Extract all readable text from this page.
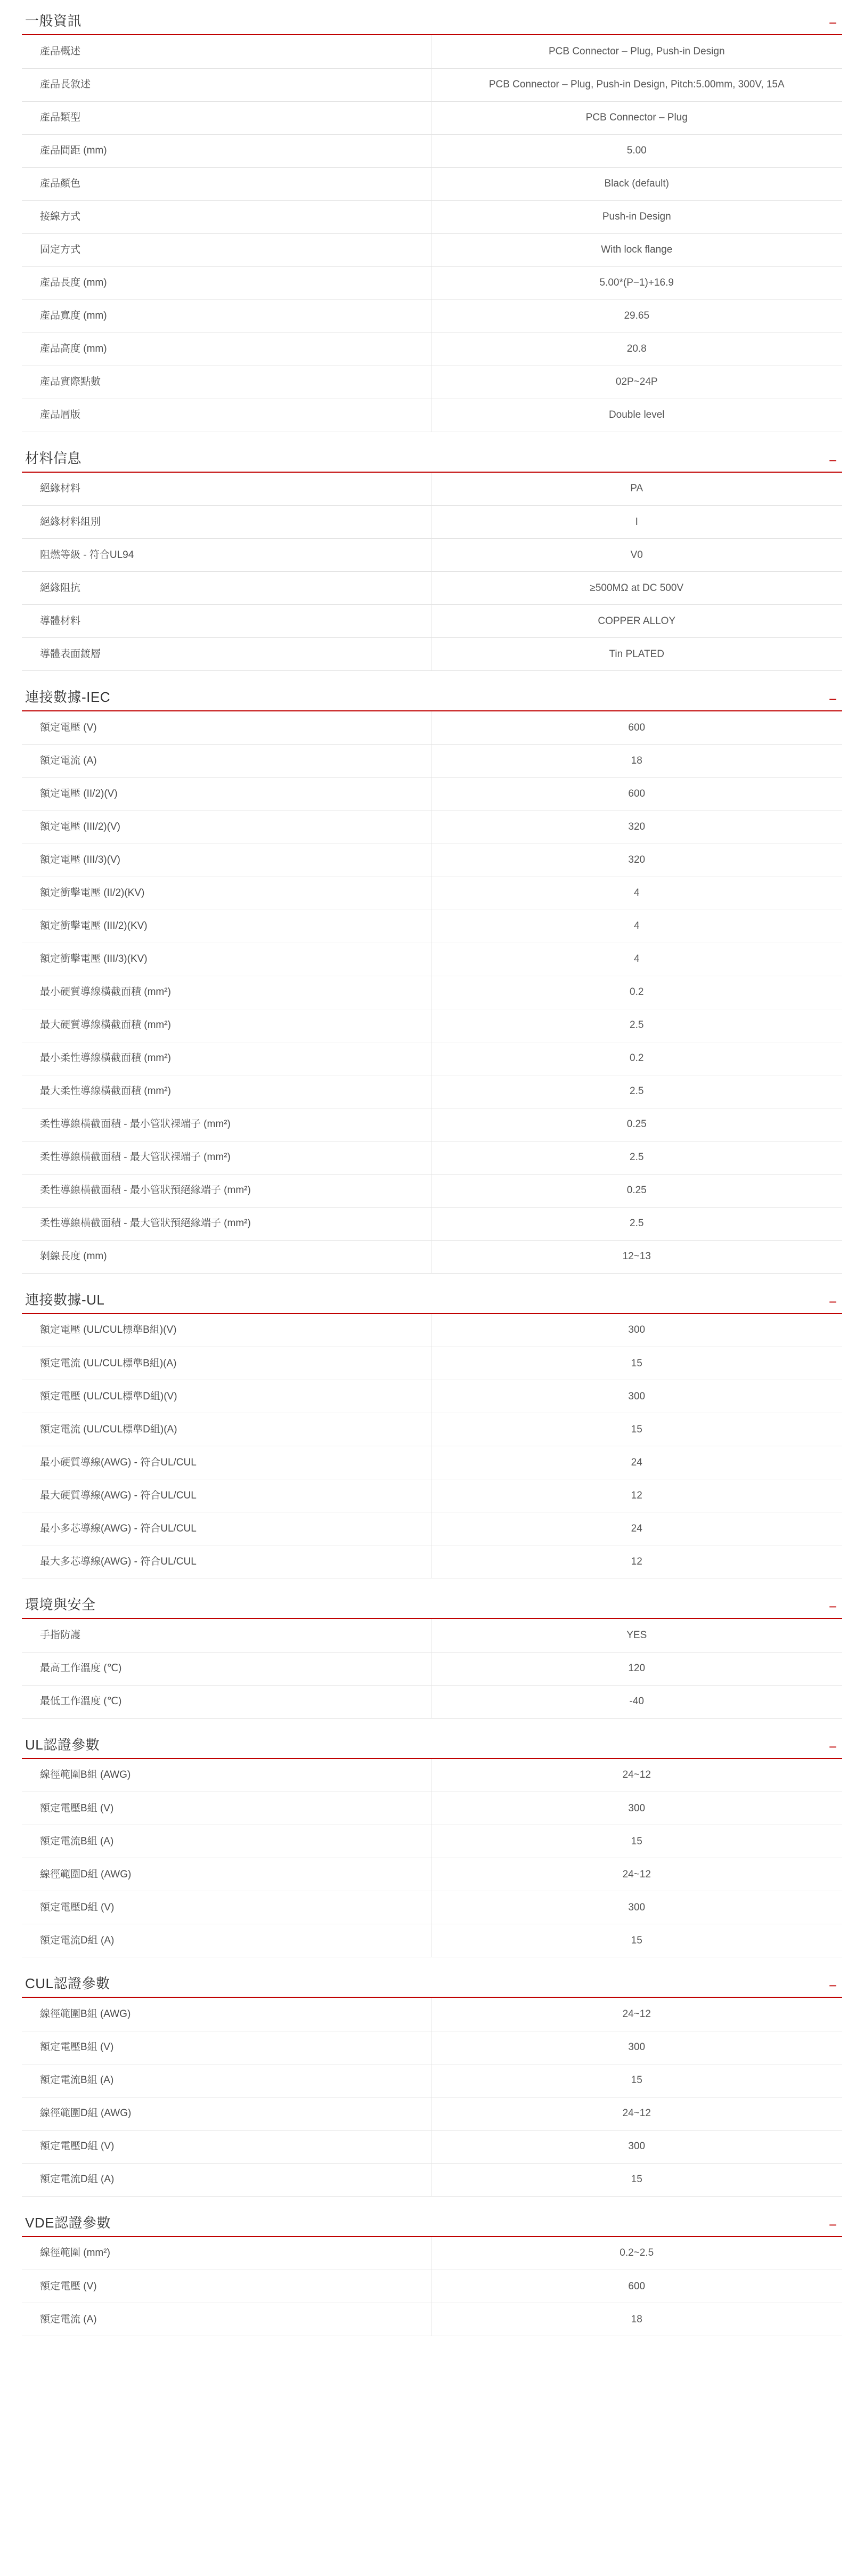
一般資訊	−
產品概述	PCB Connector – Plug, Push-in Design
產品長敘述	PCB Connector – Plug, Push-in Design, Pitch:5.00mm, 300V, 15A
產品類型	PCB Connector – Plug
產品間距 (mm)	5.00
產品顏色	Black (default)
接線方式	Push-in Design
固定方式	With lock flange
產品長度 (mm)	5.00*(P−1)+16.9
產品寬度 (mm)	29.65
產品高度 (mm)	20.8
產品實際點數	02P~24P
產品層版	Double level
材料信息	−
絕緣材料	PA
絕緣材料組別	I
阻燃等級 - 符合UL94	V0
絕緣阻抗	≥500MΩ at DC 500V
導體材料	COPPER ALLOY
導體表面鍍層	Tin PLATED
連接數據-IEC	−
額定電壓 (V)	600
額定電流 (A)	18
額定電壓 (II/2)(V)	600
額定電壓 (III/2)(V)	320
額定電壓 (III/3)(V)	320
額定衝擊電壓 (II/2)(KV)	4
額定衝擊電壓 (III/2)(KV)	4
額定衝擊電壓 (III/3)(KV)	4
最小硬質導線橫截面積 (mm²)	0.2
最大硬質導線橫截面積 (mm²)	2.5
最小柔性導線橫截面積 (mm²)	0.2
最大柔性導線橫截面積 (mm²)	2.5
柔性導線橫截面積 - 最小管狀裸端子 (mm²)	0.25
柔性導線橫截面積 - 最大管狀裸端子 (mm²)	2.5
柔性導線橫截面積 - 最小管狀預絕緣端子 (mm²)	0.25
柔性導線橫截面積 - 最大管狀預絕緣端子 (mm²)	2.5
剝線長度 (mm)	12~13
連接數據-UL	−
額定電壓 (UL/CUL標準B組)(V)	300
額定電流 (UL/CUL標準B組)(A)	15
額定電壓 (UL/CUL標準D組)(V)	300
額定電流 (UL/CUL標準D組)(A)	15
最小硬質導線(AWG) - 符合UL/CUL	24
最大硬質導線(AWG) - 符合UL/CUL	12
最小多芯導線(AWG) - 符合UL/CUL	24
最大多芯導線(AWG) - 符合UL/CUL	12
環境與安全	−
手指防護	YES
最高工作溫度 (℃)	120
最低工作溫度 (℃)	-40
UL認證參數	−
線徑範圍B組 (AWG)	24~12
額定電壓B組 (V)	300
額定電流B組 (A)	15
線徑範圍D組 (AWG)	24~12
額定電壓D組 (V)	300
額定電流D組 (A)	15
CUL認證參數	−
線徑範圍B組 (AWG)	24~12
額定電壓B組 (V)	300
額定電流B組 (A)	15
線徑範圍D組 (AWG)	24~12
額定電壓D組 (V)	300
額定電流D組 (A)	15
VDE認證參數	−
線徑範圍 (mm²)	0.2~2.5
額定電壓 (V)	600
額定電流 (A)	18
